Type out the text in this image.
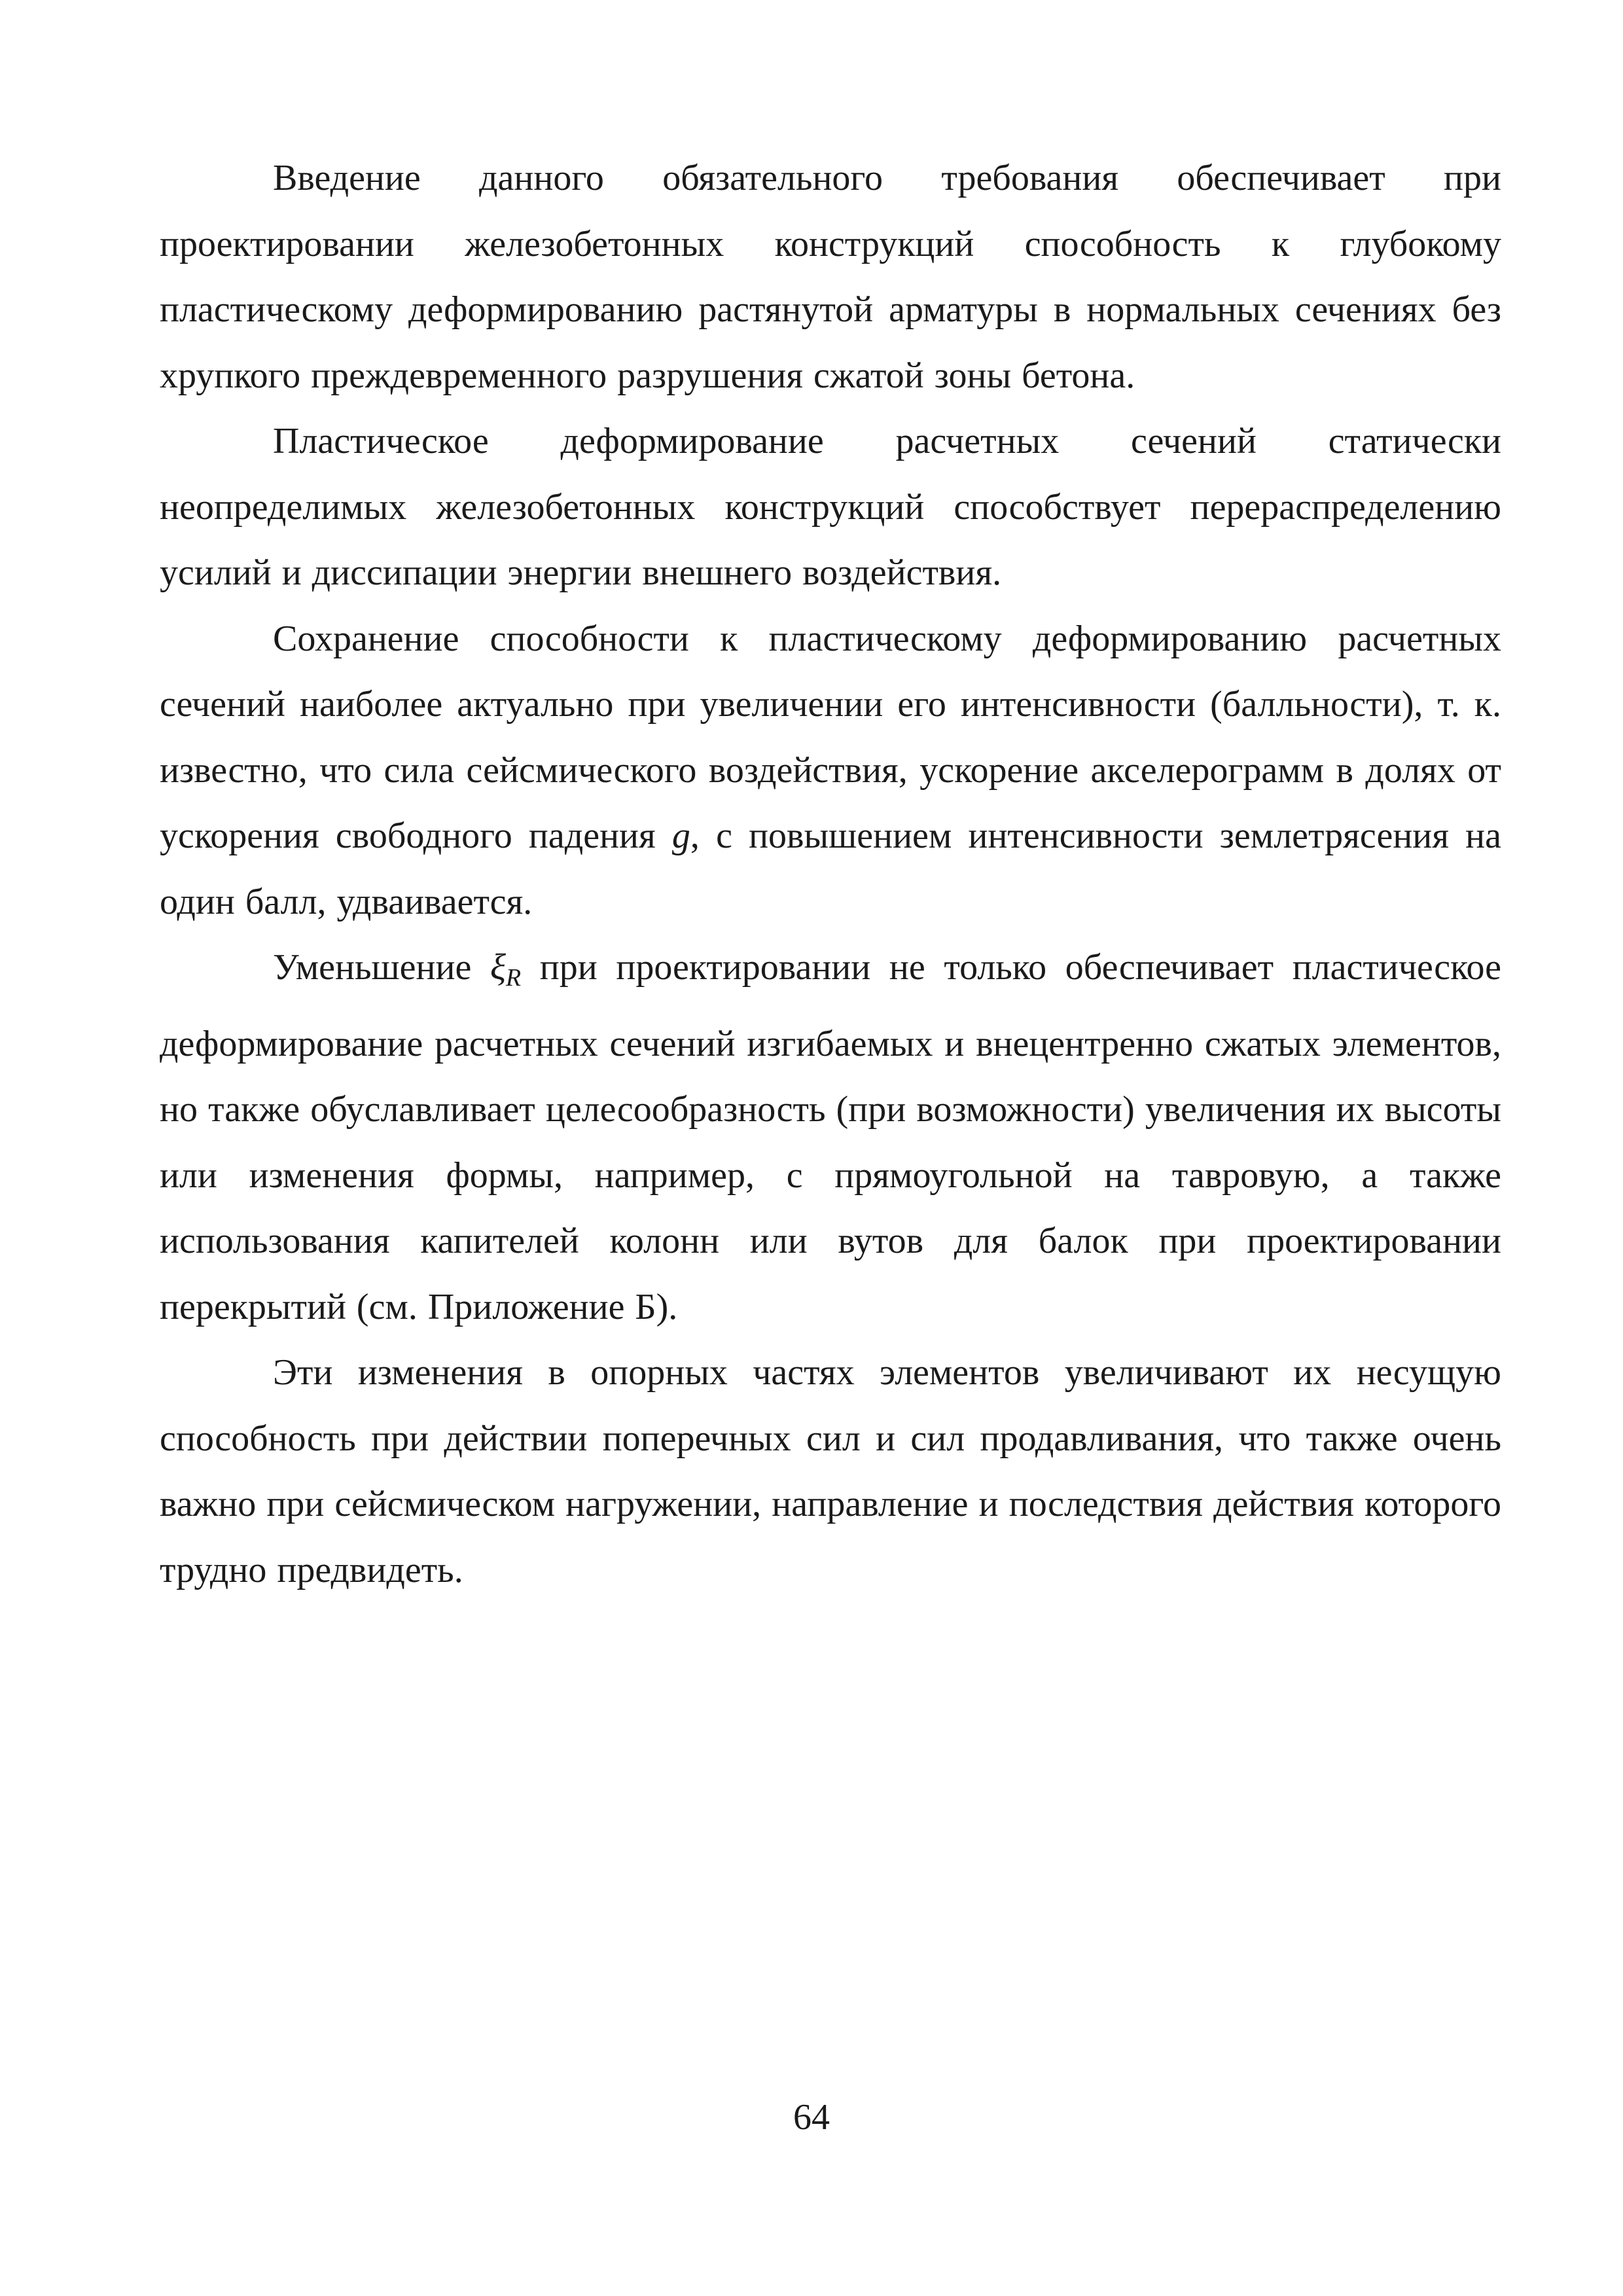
Введение данного обязательного требования обеспечивает при проектировании железобетонных конструкций способность к глубокому пластическому деформированию растянутой арматуры в нормальных сечениях без хрупкого преждевременного разрушения сжатой зоны бетона.

Пластическое деформирование расчетных сечений статически неопределимых железобетонных конструкций способствует перераспределению усилий и диссипации энергии внешнего воздействия.

Сохранение способности к пластическому деформированию расчетных сечений наиболее актуально при увеличении его интенсивности (балльности), т. к. известно, что сила сейсмического воздействия, ускорение акселерограмм в долях от ускорения свободного падения g, с повышением интенсивности землетрясения на один балл, удваивается.

Уменьшение $\xi_R$ при проектировании не только обеспечивает пластическое деформирование расчетных сечений изгибаемых и внецентренно сжатых элементов, но также обуславливает целесообразность (при возможности) увеличения их высоты или изменения формы, например, с прямоугольной на тавровую, а также использования капителей колонн или вутов для балок при проектировании перекрытий (см. Приложение Б).

Эти изменения в опорных частях элементов увеличивают их несущую способность при действии поперечных сил и сил продавливания, что также очень важно при сейсмическом нагружении, направление и последствия действия которого трудно предвидеть.

64
